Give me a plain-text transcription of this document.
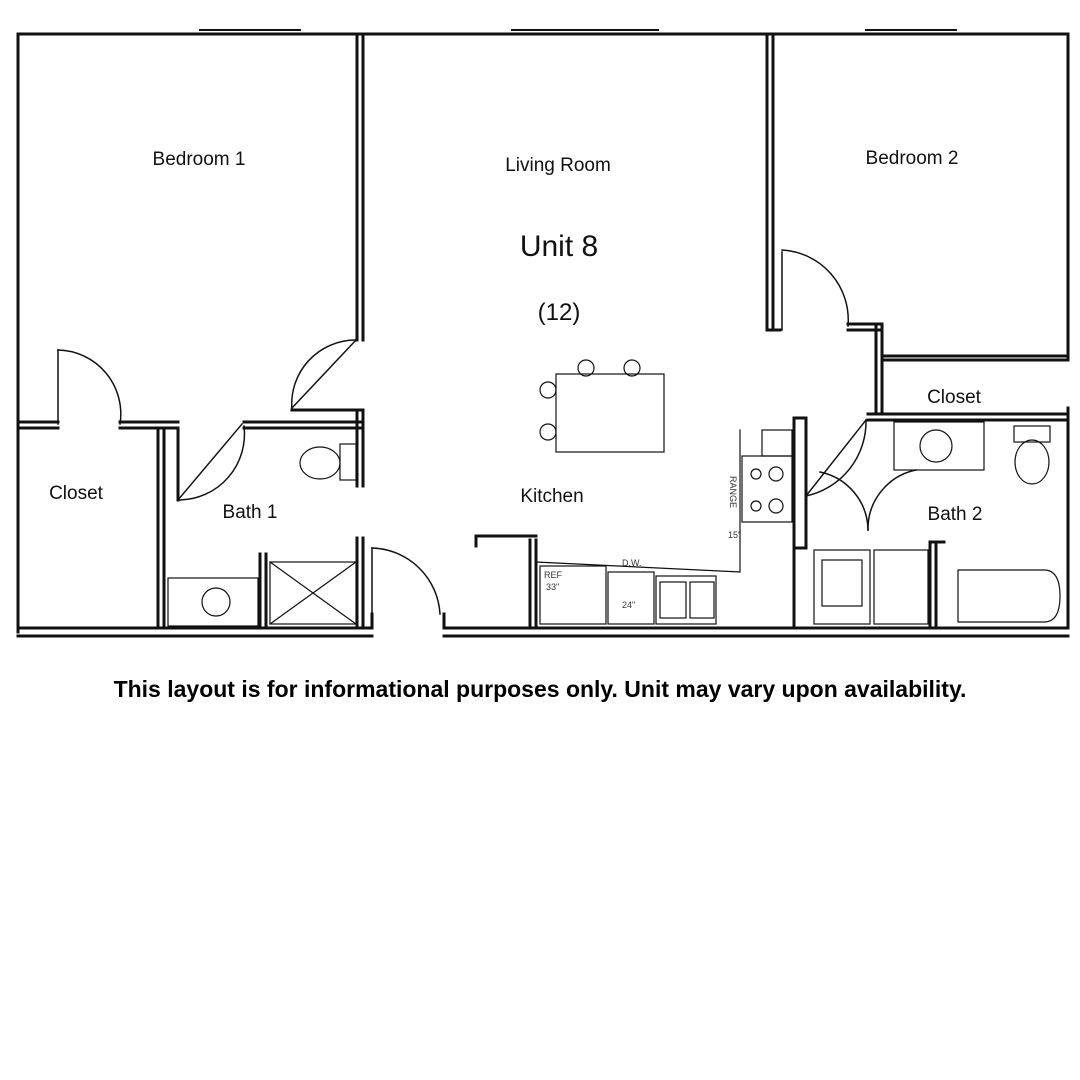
Bedroom 1	Living Room	Bedroom 2
Unit 8
(12)
Closet
Closet	Kitchen
Bath 1	Bath 2
RANGE
15"
REF
33"
D.W.
24"
This layout is for informational purposes only. Unit may vary upon availability.
